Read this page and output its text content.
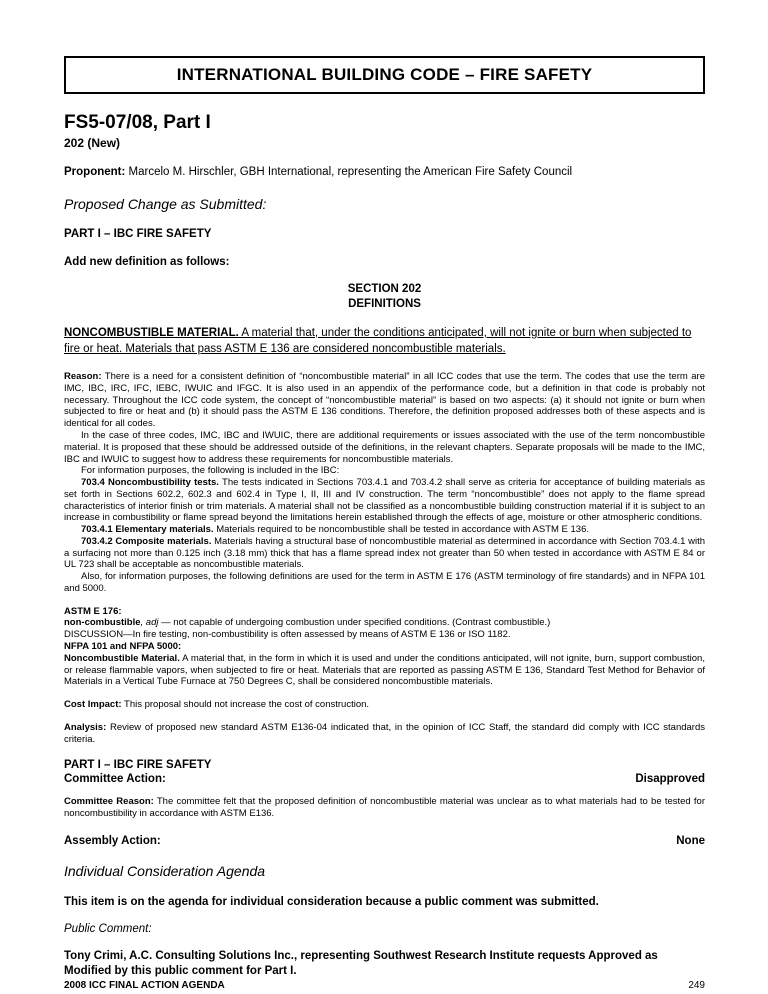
INTERNATIONAL BUILDING CODE – FIRE SAFETY
FS5-07/08, Part I
202 (New)

Proponent: Marcelo M. Hirschler, GBH International, representing the American Fire Safety Council

Proposed Change as Submitted:
PART I – IBC FIRE SAFETY
Add new definition as follows:
SECTION 202
DEFINITIONS

NONCOMBUSTIBLE MATERIAL. A material that, under the conditions anticipated, will not ignite or burn when subjected to fire or heat. Materials that pass ASTM E 136 are considered noncombustible materials.

Reason: There is a need for a consistent definition of “noncombustible material” in all ICC codes that use the term. The codes that use the term are IMC, IBC, IRC, IFC, IEBC, IWUIC and IFGC. It is also used in an appendix of the performance code, but a definition in that code is probably not necessary. Throughout the ICC code system, the concept of “noncombustible material” is based on two aspects: (a) it should not ignite or burn when subjected to fire or heat and (b) it should pass the ASTM E 136 conditions. Therefore, the definition proposed addresses both of these aspects and is identical for all codes.

In the case of three codes, IMC, IBC and IWUIC, there are additional requirements or issues associated with the use of the term noncombustible material. It is proposed that these should be addressed outside of the definitions, in the relevant chapters. Separate proposals will be made to the IMC, IBC and IWUIC to suggest how to address these requirements for noncombustible materials.

For information purposes, the following is included in the IBC:

703.4 Noncombustibility tests. The tests indicated in Sections 703.4.1 and 703.4.2 shall serve as criteria for acceptance of building materials as set forth in Sections 602.2, 602.3 and 602.4 in Type I, II, III and IV construction. The term “noncombustible” does not apply to the flame spread characteristics of interior finish or trim materials. A material shall not be classified as a noncombustible building construction material if it is subject to an increase in combustibility or flame spread beyond the limitations herein established through the effects of age, moisture or other atmospheric conditions.

703.4.1 Elementary materials. Materials required to be noncombustible shall be tested in accordance with ASTM E 136.

703.4.2 Composite materials. Materials having a structural base of noncombustible material as determined in accordance with Section 703.4.1 with a surfacing not more than 0.125 inch (3.18 mm) thick that has a flame spread index not greater than 50 when tested in accordance with ASTM E 84 or UL 723 shall be acceptable as noncombustible materials.

Also, for information purposes, the following definitions are used for the term in ASTM E 176 (ASTM terminology of fire standards) and in NFPA 101 and 5000.

ASTM E 176:

non-combustible, adj — not capable of undergoing combustion under specified conditions. (Contrast combustible.)

DISCUSSION—In fire testing, non-combustibility is often assessed by means of ASTM E 136 or ISO 1182.

NFPA 101 and NFPA 5000:

Noncombustible Material. A material that, in the form in which it is used and under the conditions anticipated, will not ignite, burn, support combustion, or release flammable vapors, when subjected to fire or heat. Materials that are reported as passing ASTM E 136, Standard Test Method for Behavior of Materials in a Vertical Tube Furnace at 750 Degrees C, shall be considered noncombustible materials.

Cost Impact: This proposal should not increase the cost of construction.

Analysis: Review of proposed new standard ASTM E136-04 indicated that, in the opinion of ICC Staff, the standard did comply with ICC standards criteria.

PART I – IBC FIRE SAFETY
Committee Action:	Disapproved

Committee Reason: The committee felt that the proposed definition of noncombustible material was unclear as to what materials had to be tested for noncombustibility in accordance with ASTM E136.

Assembly Action:	None
Individual Consideration Agenda

This item is on the agenda for individual consideration because a public comment was submitted.

Public Comment:

Tony Crimi, A.C. Consulting Solutions Inc., representing Southwest Research Institute requests Approved as Modified by this public comment for Part I.

2008 ICC FINAL ACTION AGENDA	249
